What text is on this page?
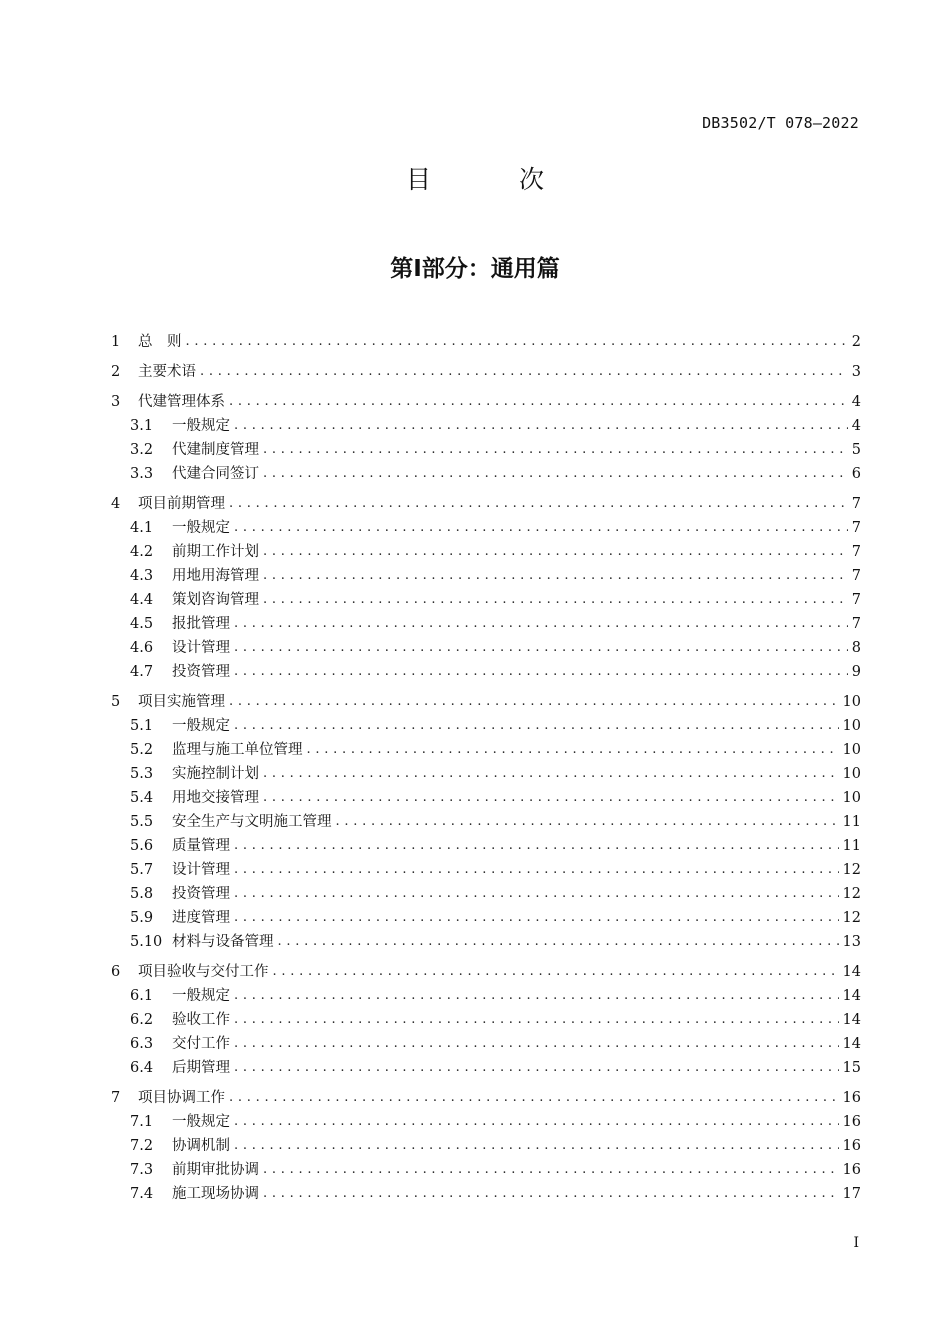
DB3502/T 078—2022
目 次
第Ⅰ部分：通用篇
1	总　则 . . .	2
2	主要术语 . . .	3
3	代建管理体系 . . .	4
3.1	一般规定 . . .	4
3.2	代建制度管理 . . .	5
3.3	代建合同签订 . . .	6
4	项目前期管理 . . .	7
4.1	一般规定 . . .	7
4.2	前期工作计划 . . .	7
4.3	用地用海管理 . . .	7
4.4	策划咨询管理 . . .	7
4.5	报批管理 . . .	7
4.6	设计管理 . . .	8
4.7	投资管理 . . .	9
5	项目实施管理 . . .	10
5.1	一般规定 . . .	10
5.2	监理与施工单位管理 . . .	10
5.3	实施控制计划 . . .	10
5.4	用地交接管理 . . .	10
5.5	安全生产与文明施工管理 . . .	11
5.6	质量管理 . . .	11
5.7	设计管理 . . .	12
5.8	投资管理 . . .	12
5.9	进度管理 . . .	12
5.10 材料与设备管理 . . .	13
6	项目验收与交付工作 . . .	14
6.1	一般规定 . . .	14
6.2	验收工作 . . .	14
6.3	交付工作 . . .	14
6.4	后期管理 . . .	15
7	项目协调工作 . . .	16
7.1	一般规定 . . .	16
7.2	协调机制 . . .	16
7.3	前期审批协调 . . .	16
7.4	施工现场协调 . . .	17
I
